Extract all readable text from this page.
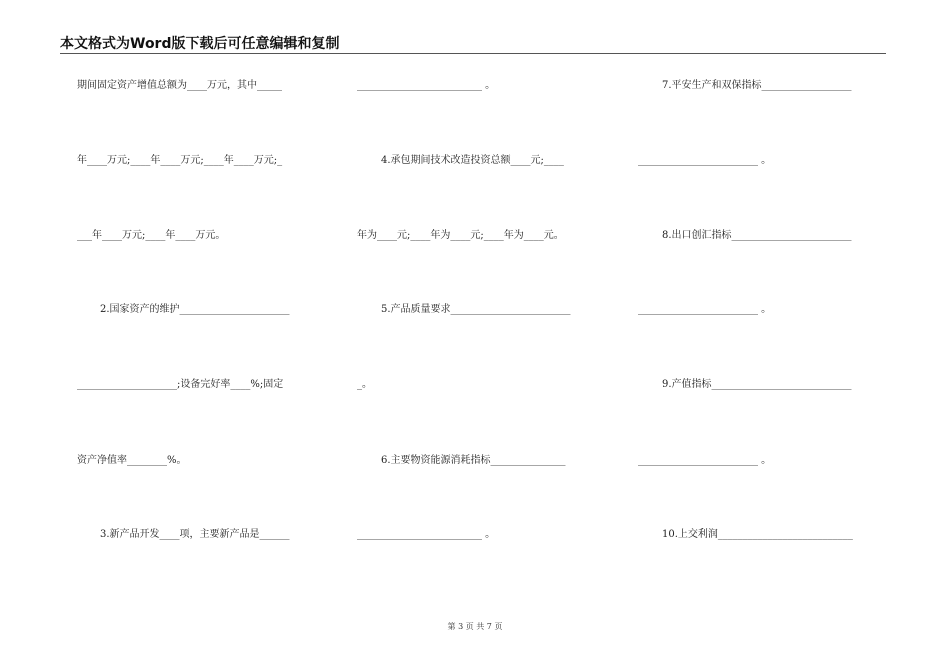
本文格式为Word版下载后可任意编辑和复制
期间固定资产增值总额为____万元，其中_____
年____万元;____年____万元;____年____万元;_
___年____万元;____年____万元。
2.国家资产的维护______________________
____________________;设备完好率____%;固定
资产净值率________%。
3.新产品开发____项，主要新产品是______
_________________________ 。
4.承包期间技术改造投资总额____元;____
年为____元;____年为____元;____年为____元。
5.产品质量要求________________________
_。
6.主要物资能源消耗指标_______________
_________________________ 。
7.平安生产和双保指标__________________
________________________ 。
8.出口创汇指标________________________
________________________ 。
9.产值指标____________________________
________________________ 。
10.上交利润___________________________
第 3 页 共 7 页
